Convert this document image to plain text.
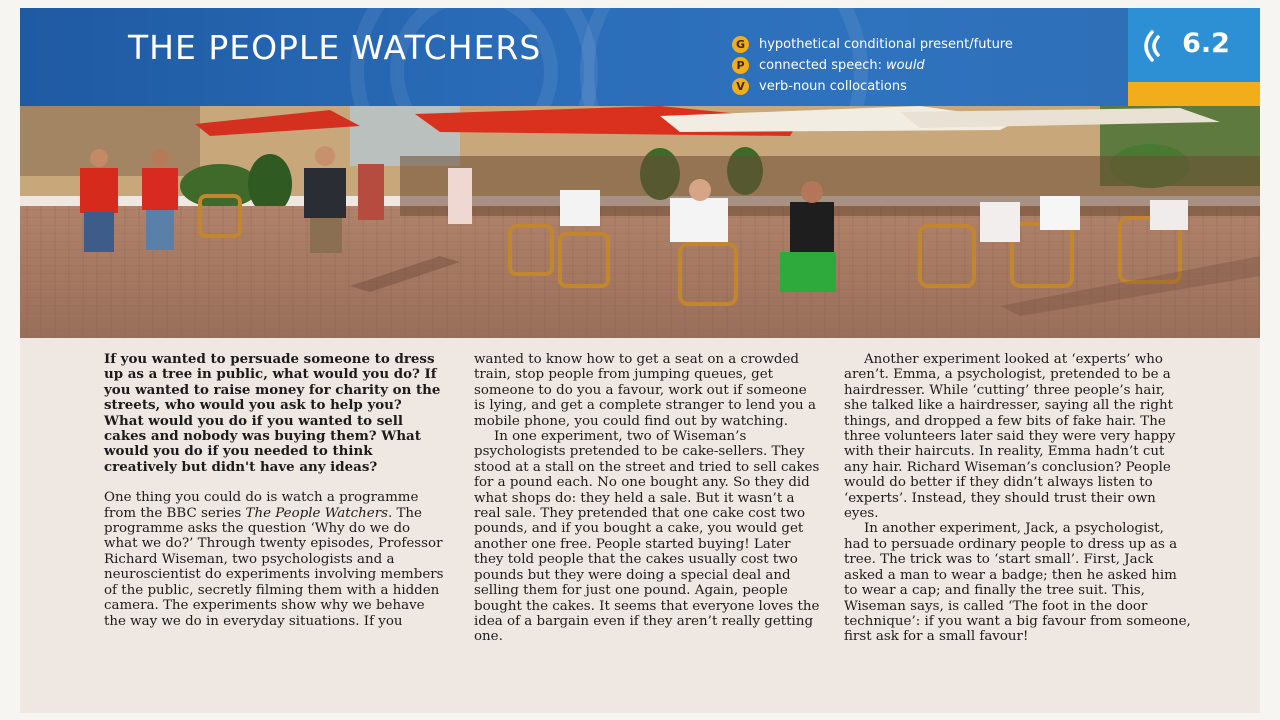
THE PEOPLE WATCHERS	G	hypothetical conditional present/future
P	connected speech: would
V	verb-noun collocations
6.2

If you wanted to persuade someone to dress up as a tree in public, what would you do? If you wanted to raise money for charity on the streets, who would you ask to help you? What would you do if you wanted to sell cakes and nobody was buying them? What would you do if you needed to think creatively but didn't have any ideas?

One thing you could do is watch a programme from the BBC series The People Watchers. The programme asks the question ‘Why do we do what we do?’ Through twenty episodes, Professor Richard Wiseman, two psychologists and a neuroscientist do experiments involving members of the public, secretly filming them with a hidden camera. The experiments show why we behave the way we do in everyday situations. If you

wanted to know how to get a seat on a crowded train, stop people from jumping queues, get someone to do you a favour, work out if someone is lying, and get a complete stranger to lend you a mobile phone, you could find out by watching.

In one experiment, two of Wiseman’s psychologists pretended to be cake-sellers. They stood at a stall on the street and tried to sell cakes for a pound each. No one bought any. So they did what shops do: they held a sale. But it wasn’t a real sale. They pretended that one cake cost two pounds, and if you bought a cake, you would get another one free. People started buying! Later they told people that the cakes usually cost two pounds but they were doing a special deal and selling them for just one pound. Again, people bought the cakes. It seems that everyone loves the idea of a bargain even if they aren’t really getting one.

Another experiment looked at ‘experts’ who aren’t. Emma, a psychologist, pretended to be a hairdresser. While ‘cutting’ three people’s hair, she talked like a hairdresser, saying all the right things, and dropped a few bits of fake hair. The three volunteers later said they were very happy with their haircuts. In reality, Emma hadn’t cut any hair. Richard Wiseman’s conclusion? People would do better if they didn’t always listen to ‘experts’. Instead, they should trust their own eyes.

In another experiment, Jack, a psychologist, had to persuade ordinary people to dress up as a tree. The trick was to ‘start small’. First, Jack asked a man to wear a badge; then he asked him to wear a cap; and finally the tree suit. This, Wiseman says, is called ‘The foot in the door technique’: if you want a big favour from someone, first ask for a small favour!
